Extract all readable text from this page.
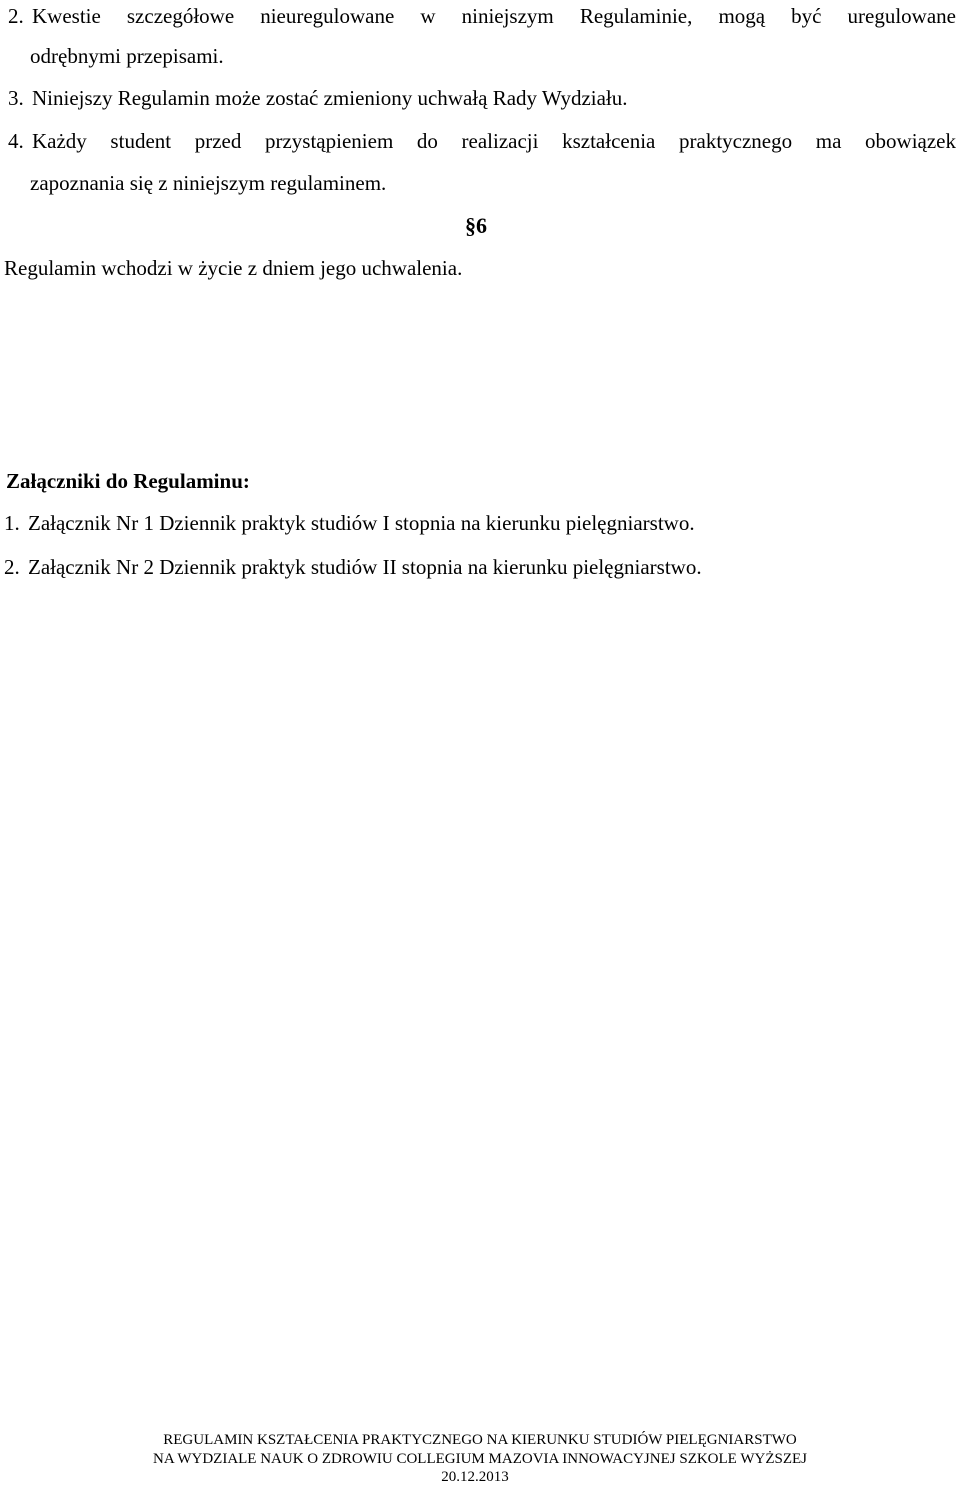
2. Kwestie szczegółowe nieuregulowane w niniejszym Regulaminie, mogą być uregulowane
odrębnymi przepisami.
3. Niniejszy Regulamin może zostać zmieniony uchwałą Rady Wydziału.
4. Każdy student przed przystąpieniem do realizacji kształcenia praktycznego ma obowiązek
zapoznania się z niniejszym regulaminem.
§6
Regulamin wchodzi w życie z dniem jego uchwalenia.
Załączniki do Regulaminu:
1. Załącznik Nr 1 Dziennik praktyk studiów I stopnia na kierunku pielęgniarstwo.
2. Załącznik Nr 2 Dziennik praktyk studiów II stopnia na kierunku pielęgniarstwo.
REGULAMIN KSZTAŁCENIA PRAKTYCZNEGO NA KIERUNKU STUDIÓW PIELĘGNIARSTWO
NA WYDZIALE NAUK O ZDROWIU COLLEGIUM MAZOVIA INNOWACYJNEJ SZKOLE WYŻSZEJ
20.12.2013
